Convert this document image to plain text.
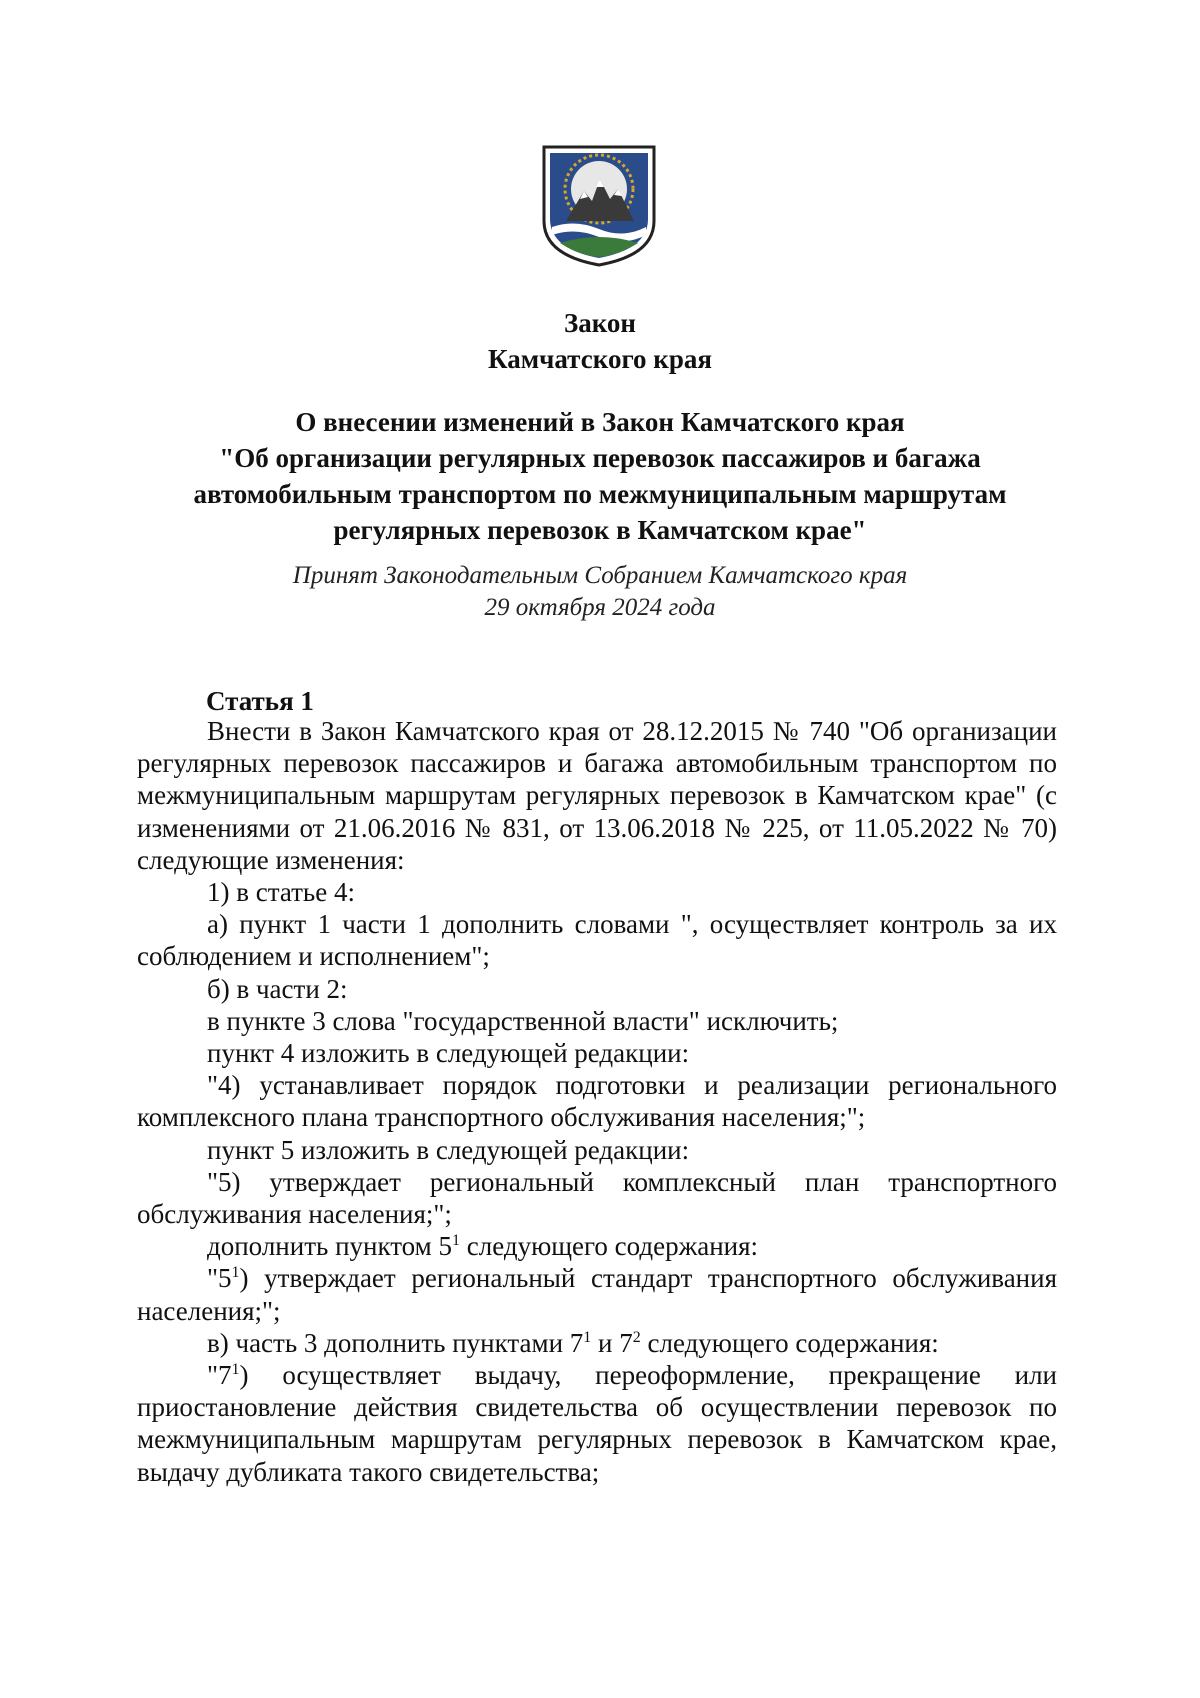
Закон
Камчатского края
О внесении изменений в Закон Камчатского края
"Об организации регулярных перевозок пассажиров и багажа
автомобильным транспортом по межмуниципальным маршрутам
регулярных перевозок в Камчатском крае"
Принят Законодательным Собранием Камчатского края
29 октября 2024 года
Статья 1

Внести в Закон Камчатского края от 28.12.2015 № 740 "Об организации регулярных перевозок пассажиров и багажа автомобильным транспортом по межмуниципальным маршрутам регулярных перевозок в Камчатском крае" (с изменениями от 21.06.2016 № 831, от 13.06.2018 № 225, от 11.05.2022 № 70) следующие изменения:

1) в статье 4:

а) пункт 1 части 1 дополнить словами ", осуществляет контроль за их соблюдением и исполнением";

б) в части 2:

в пункте 3 слова "государственной власти" исключить;

пункт 4 изложить в следующей редакции:

"4) устанавливает порядок подготовки и реализации регионального комплексного плана транспортного обслуживания населения;";

пункт 5 изложить в следующей редакции:

"5) утверждает региональный комплексный план транспортного обслуживания населения;";

дополнить пунктом $5^1$ следующего содержания:

"$5^1$) утверждает региональный стандарт транспортного обслуживания населения;";

в) часть 3 дополнить пунктами $7^1$ и $7^2$ следующего содержания:

"$7^1$) осуществляет выдачу, переоформление, прекращение или приостановление действия свидетельства об осуществлении перевозок по межмуниципальным маршрутам регулярных перевозок в Камчатском крае, выдачу дубликата такого свидетельства;
